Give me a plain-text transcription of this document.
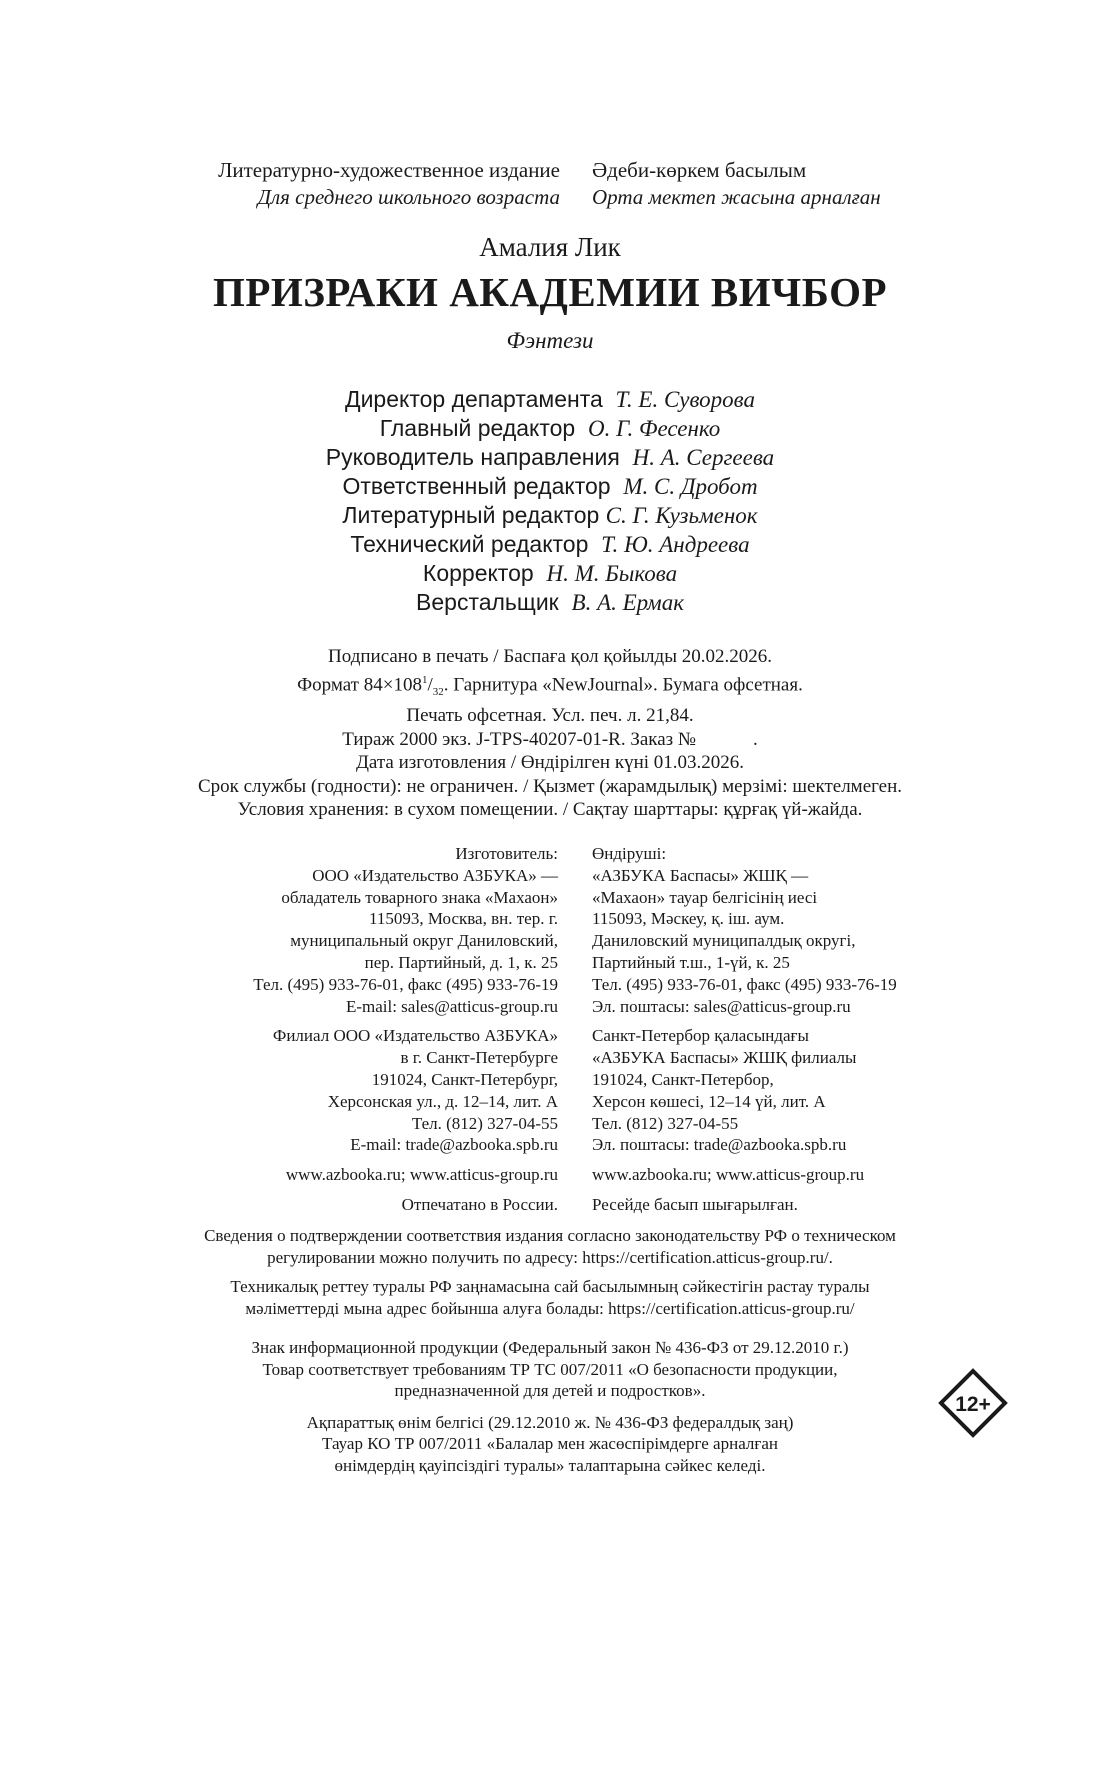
Литературно-художественное издание
Для среднего школьного возраста
Әдеби-көркем басылым
Орта мектеп жасына арналған
Амалия Лик
ПРИЗРАКИ АКАДЕМИИ ВИЧБОР
Фэнтези
Директор департамента Т. Е. Суворова
Главный редактор О. Г. Фесенко
Руководитель направления Н. А. Сергеева
Ответственный редактор М. С. Дробот
Литературный редактор С. Г. Кузьменок
Технический редактор Т. Ю. Андреева
Корректор Н. М. Быкова
Верстальщик В. А. Ермак
Подписано в печать / Баспаға қол қойылды 20.02.2026.
Формат $84\times 108^1/_{32}$. Гарнитура «NewJournal». Бумага офсетная.
Печать офсетная. Усл. печ. л. 21,84.
Тираж 2000 экз. J-TPS-40207-01-R. Заказ №            .
Дата изготовления / Өндірілген күні 01.03.2026.
Срок службы (годности): не ограничен. / Қызмет (жарамдылық) мерзімі: шектелмеген.
Условия хранения: в сухом помещении. / Сақтау шарттары: құрғақ үй-жайда.
Изготовитель:
ООО «Издательство АЗБУКА» —
обладатель товарного знака «Махаон»
115093, Москва, вн. тер. г.
муниципальный округ Даниловский,
пер. Партийный, д. 1, к. 25
Тел. (495) 933-76-01, факс (495) 933-76-19
E-mail: sales@atticus-group.ru
Филиал ООО «Издательство АЗБУКА»
в г. Санкт-Петербурге
191024, Санкт-Петербург,
Херсонская ул., д. 12–14, лит. А
Тел. (812) 327-04-55
E-mail: trade@azbooka.spb.ru
www.azbooka.ru; www.atticus-group.ru
Отпечатано в России.
Өндіруші:
«АЗБУКА Баспасы» ЖШҚ —
«Махаон» тауар белгісінің иесі
115093, Мәскеу, қ. іш. аум.
Даниловский муниципалдық округі,
Партийный т.ш., 1-үй, к. 25
Тел. (495) 933-76-01, факс (495) 933-76-19
Эл. поштасы: sales@atticus-group.ru
Санкт-Петербор қаласындағы
«АЗБУКА Баспасы» ЖШҚ филиалы
191024, Санкт-Петербор,
Херсон көшесі, 12–14 үй, лит. А
Тел. (812) 327-04-55
Эл. поштасы: trade@azbooka.spb.ru
www.azbooka.ru; www.atticus-group.ru
Ресейде басып шығарылған.
Сведения о подтверждении соответствия издания согласно законодательству РФ о техническом
регулировании можно получить по адресу: https://certification.atticus-group.ru/.
Техникалық реттеу туралы РФ заңнамасына сай басылымның сәйкестігін растау туралы
мәліметтерді мына адрес бойынша алуға болады: https://certification.atticus-group.ru/
Знак информационной продукции (Федеральный закон № 436-ФЗ от 29.12.2010 г.)
Товар соответствует требованиям ТР ТС 007/2011 «О безопасности продукции,
предназначенной для детей и подростков».
Ақпараттық өнім белгісі (29.12.2010 ж. № 436-ФЗ федералдық заң)
Тауар КО ТР 007/2011 «Балалар мен жасөспірімдерге арналған
өнімдердің қауіпсіздігі туралы» талаптарына сәйкес келеді.
12+
